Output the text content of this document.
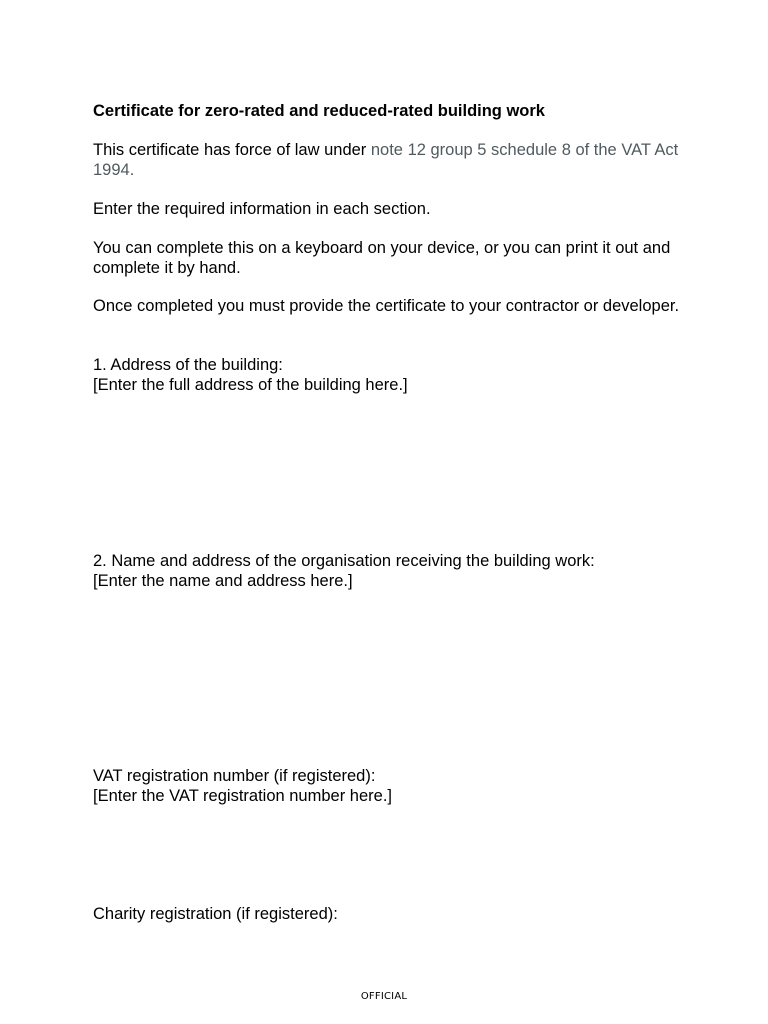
Certificate for zero-rated and reduced-rated building work

This certificate has force of law under note 12 group 5 schedule 8 of the VAT Act 1994.

Enter the required information in each section.

You can complete this on a keyboard on your device, or you can print it out and complete it by hand.

Once completed you must provide the certificate to your contractor or developer.

1. Address of the building:
[Enter the full address of the building here.]
2. Name and address of the organisation receiving the building work:
[Enter the name and address here.]
VAT registration number (if registered):
[Enter the VAT registration number here.]
Charity registration (if registered):
OFFICIAL
